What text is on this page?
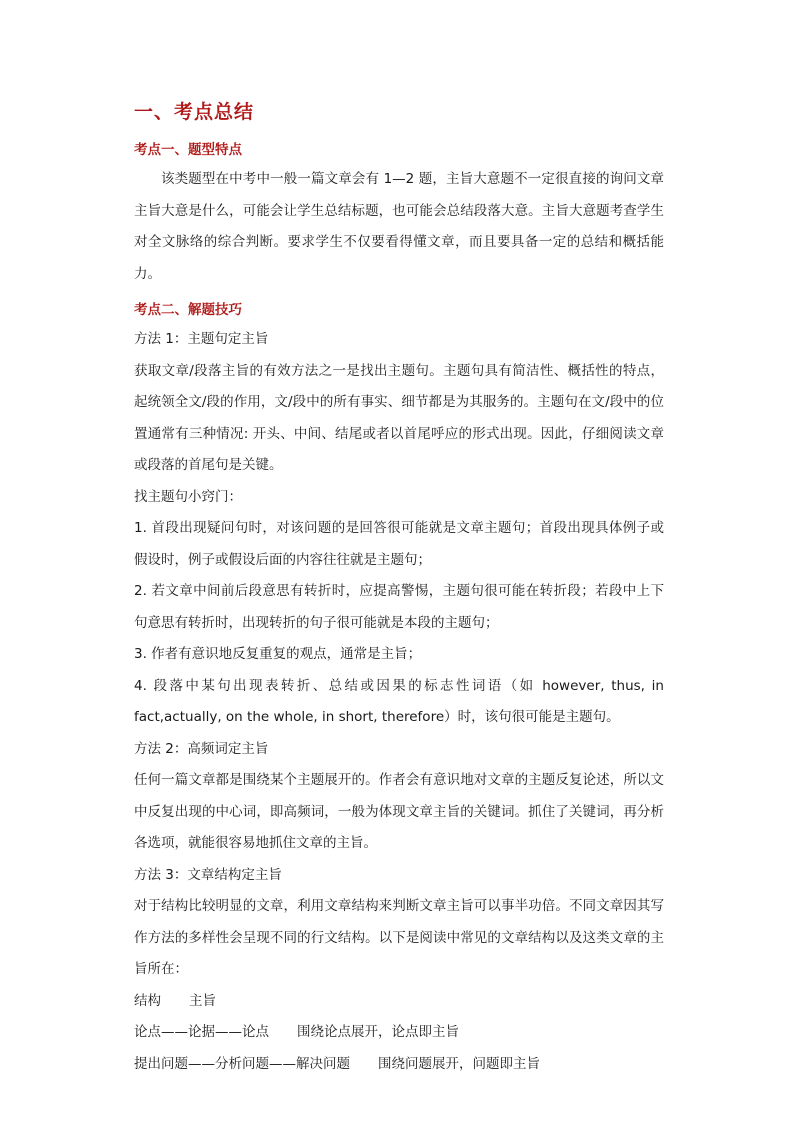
一、考点总结
考点一、题型特点

该类题型在中考中一般一篇文章会有 1—2 题，主旨大意题不一定很直接的询问文章主旨大意是什么，可能会让学生总结标题，也可能会总结段落大意。主旨大意题考查学生对全文脉络的综合判断。要求学生不仅要看得懂文章，而且要具备一定的总结和概括能力。

考点二、解题技巧

方法 1：主题句定主旨

获取文章/段落主旨的有效方法之一是找出主题句。主题句具有简洁性、概括性的特点，起统领全文/段的作用，文/段中的所有事实、细节都是为其服务的。主题句在文/段中的位置通常有三种情况: 开头、中间、结尾或者以首尾呼应的形式出现。因此，仔细阅读文章或段落的首尾句是关键。

找主题句小窍门：

1. 首段出现疑问句时，对该问题的是回答很可能就是文章主题句；首段出现具体例子或假设时，例子或假设后面的内容往往就是主题句；

2. 若文章中间前后段意思有转折时，应提高警惕，主题句很可能在转折段；若段中上下句意思有转折时，出现转折的句子很可能就是本段的主题句；

3. 作者有意识地反复重复的观点，通常是主旨；

4. 段落中某句出现表转折、总结或因果的标志性词语（如 however, thus, in fact,actually, on the whole, in short, therefore）时，该句很可能是主题句。

方法 2：高频词定主旨

任何一篇文章都是围绕某个主题展开的。作者会有意识地对文章的主题反复论述，所以文中反复出现的中心词，即高频词，一般为体现文章主旨的关键词。抓住了关键词，再分析各选项，就能很容易地抓住文章的主旨。

方法 3：文章结构定主旨

对于结构比较明显的文章，利用文章结构来判断文章主旨可以事半功倍。不同文章因其写作方法的多样性会呈现不同的行文结构。以下是阅读中常见的文章结构以及这类文章的主旨所在：

结构 主旨

论点——论据——论点 围绕论点展开，论点即主旨

提出问题——分析问题——解决问题 围绕问题展开，问题即主旨
